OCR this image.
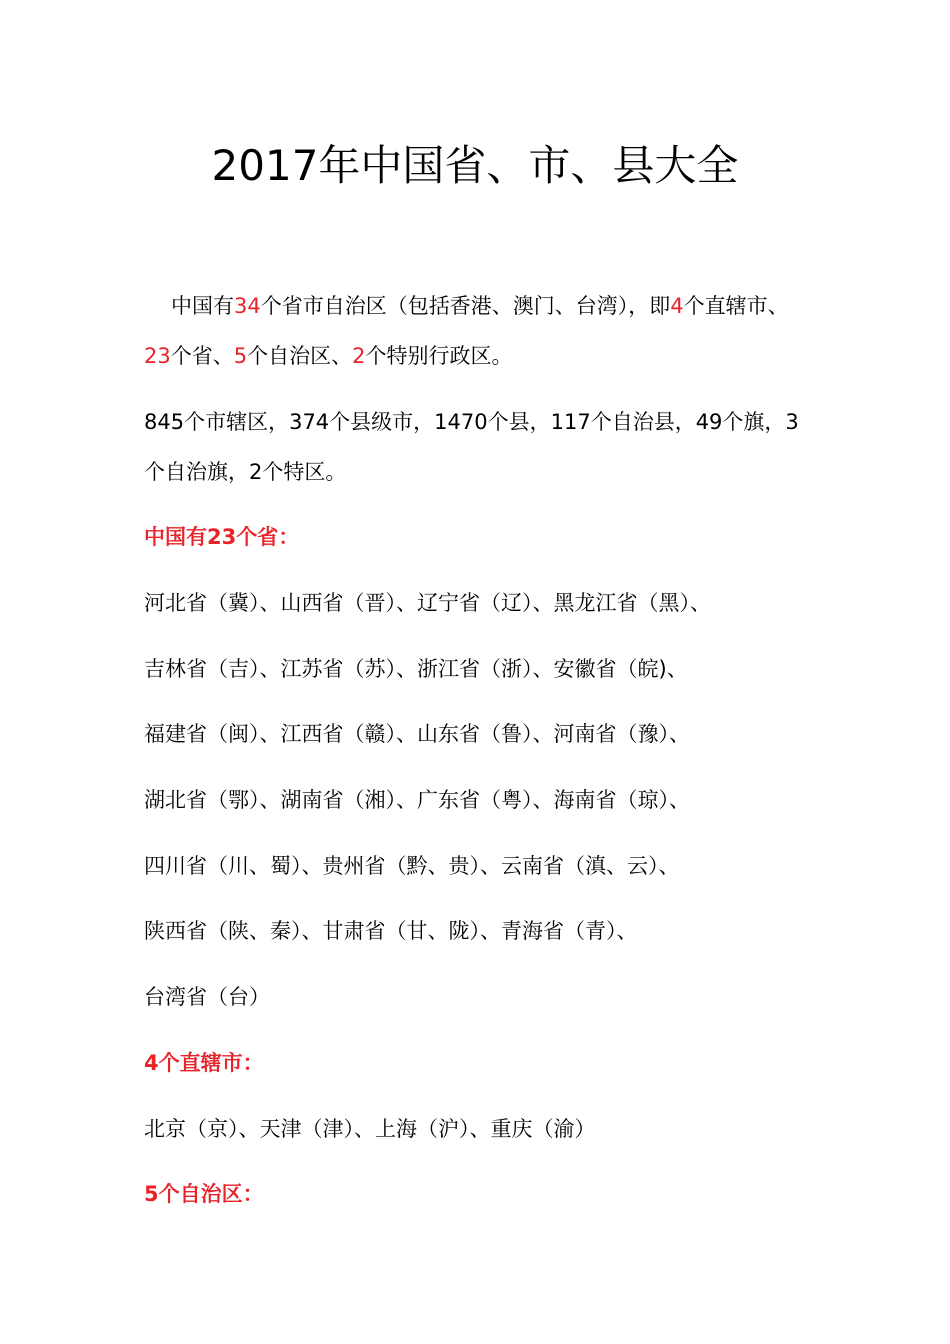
2017年中国省、市、县大全
中国有34个省市自治区（包括香港、澳门、台湾），即4个直辖市、23个省、5个自治区、2个特别行政区。
845个市辖区，374个县级市，1470个县，117个自治县，49个旗，3个自治旗，2个特区。
中国有23个省：
河北省（冀）、山西省（晋）、辽宁省（辽）、黑龙江省（黑）、
吉林省（吉）、江苏省（苏）、浙江省（浙）、安徽省（皖)、
福建省（闽）、江西省（赣）、山东省（鲁）、河南省（豫）、
湖北省（鄂）、湖南省（湘）、广东省（粤）、海南省（琼）、
四川省（川、蜀）、贵州省（黔、贵）、云南省（滇、云）、
陕西省（陕、秦）、甘肃省（甘、陇）、青海省（青）、
台湾省（台）
4个直辖市：
北京（京）、天津（津）、上海（沪）、重庆（渝）
5个自治区：
